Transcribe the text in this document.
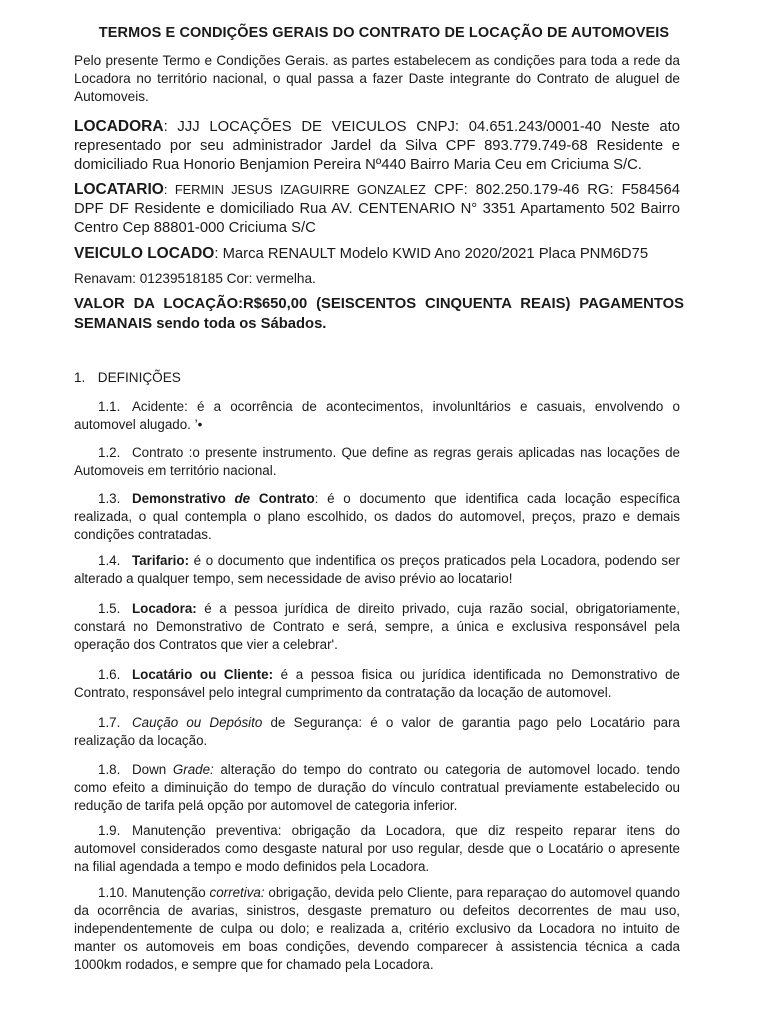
TERMOS E CONDIÇÕES GERAIS DO CONTRATO DE LOCAÇÃO DE AUTOMOVEIS
Pelo presente Termo e Condições Gerais. as partes estabelecem as condições para toda a rede da Locadora no território nacional, o qual passa a fazer Daste integrante do Contrato de aluguel de Automoveis.
LOCADORA: JJJ LOCAÇÕES DE VEICULOS CNPJ: 04.651.243/0001-40 Neste ato representado por seu administrador Jardel da Silva CPF 893.779.749-68 Residente e domiciliado Rua Honorio Benjamion Pereira Nº440 Bairro Maria Ceu em Criciuma S/C.
LOCATARIO: FERMIN JESUS IZAGUIRRE GONZALEZ CPF: 802.250.179-46 RG: F584564 DPF DF Residente e domiciliado Rua AV. CENTENARIO N° 3351 Apartamento 502 Bairro Centro Cep 88801-000 Criciuma S/C
VEICULO LOCADO: Marca RENAULT Modelo KWID Ano 2020/2021 Placa PNM6D75
Renavam: 01239518185 Cor: vermelha.
VALOR DA LOCAÇÃO:R$650,00 (SEISCENTOS CINQUENTA REAIS) PAGAMENTOS SEMANAIS sendo toda os Sábados.
1. DEFINIÇÕES
1.1. Acidente: é a ocorrência de acontecimentos, involunltários e casuais, envolvendo o automovel alugado. ’•
1.2. Contrato :o presente instrumento. Que define as regras gerais aplicadas nas locações de Automoveis em território nacional.
1.3. Demonstrativo de Contrato: é o documento que identifica cada locação específica realizada, o qual contempla o plano escolhido, os dados do automovel, preços, prazo e demais condições contratadas.
1.4. Tarifario: é o documento que indentifica os preços praticados pela Locadora, podendo ser alterado a qualquer tempo, sem necessidade de aviso prévio ao locatario!
1.5. Locadora: é a pessoa jurídica de direito privado, cuja razão social, obrigatoriamente, constará no Demonstrativo de Contrato e será, sempre, a única e exclusiva responsável pela operação dos Contratos que vier a celebrar'.
1.6. Locatário ou Cliente: é a pessoa fisica ou jurídica identificada no Demonstrativo de Contrato, responsável pelo integral cumprimento da contratação da locação de automovel.
1.7. Caução ou Depósito de Segurança: é o valor de garantia pago pelo Locatário para realização da locação.
1.8. Down Grade: alteração do tempo do contrato ou categoria de automovel locado. tendo como efeito a diminuição do tempo de duração do vínculo contratual previamente estabelecido ou redução de tarifa pelá opção por automovel de categoria inferior.
1.9. Manutenção preventiva: obrigação da Locadora, que diz respeito reparar itens do automovel considerados como desgaste natural por uso regular, desde que o Locatário o apresente na filial agendada a tempo e modo definidos pela Locadora.
1.10. Manutenção corretiva: obrigação, devida pelo Cliente, para reparaçao do automovel quando da ocorrência de avarias, sinistros, desgaste prematuro ou defeitos decorrentes de mau uso, independentemente de culpa ou dolo; e realizada a, critério exclusivo da Locadora no intuito de manter os automoveis em boas condições, devendo comparecer à assistencia técnica a cada 1000km rodados, e sempre que for chamado pela Locadora.
